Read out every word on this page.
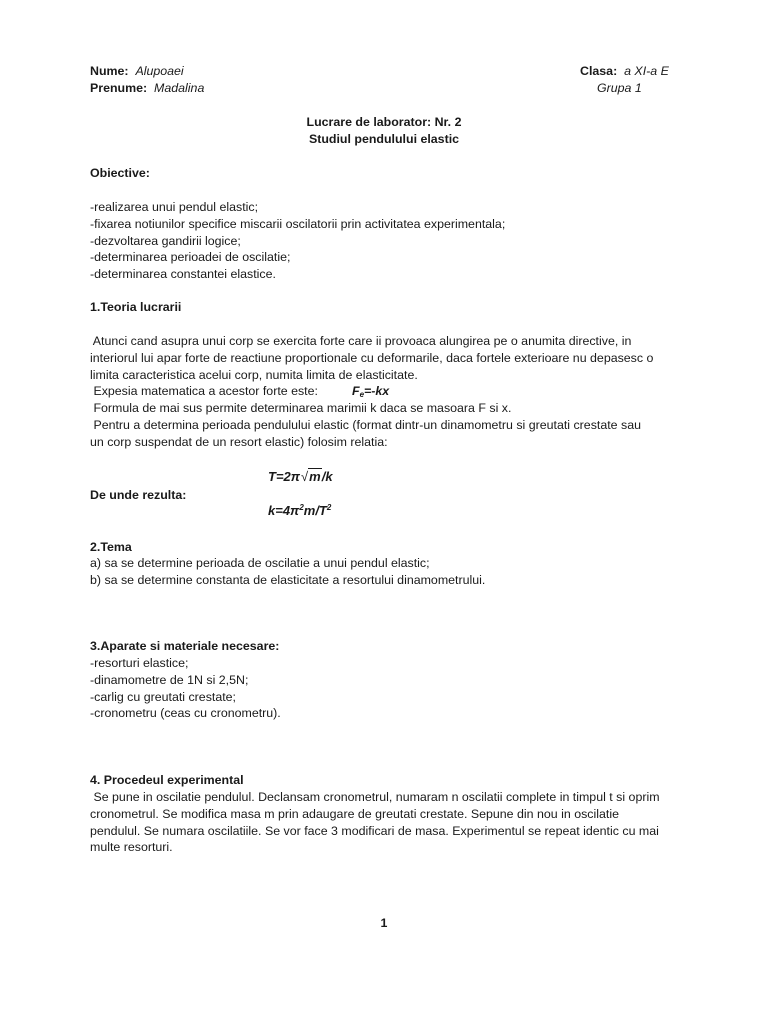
Nume: Alupoaei
Prenume: Madalina
Clasa: a XI-a E
Grupa 1
Lucrare de laborator: Nr. 2
Studiul pendulului elastic
Obiective:
-realizarea unui pendul elastic;
-fixarea notiunilor specifice miscarii oscilatorii prin activitatea experimentala;
-dezvoltarea gandirii logice;
-determinarea perioadei de oscilatie;
-determinarea constantei elastice.
1.Teoria lucrarii
Atunci cand asupra unui corp se exercita forte care ii provoaca alungirea pe o anumita directive, in
interiorul lui apar forte de reactiune proportionale cu deformarile, daca fortele exterioare nu depasesc o
limita caracteristica acelui corp, numita limita de elasticitate.
Expesia matematica a acestor forte este:	$F_e=-kx$
Formula de mai sus permite determinarea marimii k daca se masoara F si x.
Pentru a determina perioada pendulului elastic (format dintr-un dinamometru si greutati crestate sau
un corp suspendat de un resort elastic) folosim relatia:
T=2π√m/k
De unde rezulta:
$k=4\pi^2m/T^2$
2.Tema
a) sa se determine perioada de oscilatie a unui pendul elastic;
b) sa se determine constanta de elasticitate a resortului dinamometrului.
3.Aparate si materiale necesare:
-resorturi elastice;
-dinamometre de 1N si 2,5N;
-carlig cu greutati crestate;
-cronometru (ceas cu cronometru).
4. Procedeul experimental
Se pune in oscilatie pendulul. Declansam cronometrul, numaram n oscilatii complete in timpul t si oprim
cronometrul. Se modifica masa m prin adaugare de greutati crestate. Sepune din nou in oscilatie
pendulul. Se numara oscilatiile. Se vor face 3 modificari de masa. Experimentul se repeat identic cu mai
multe resorturi.
1
